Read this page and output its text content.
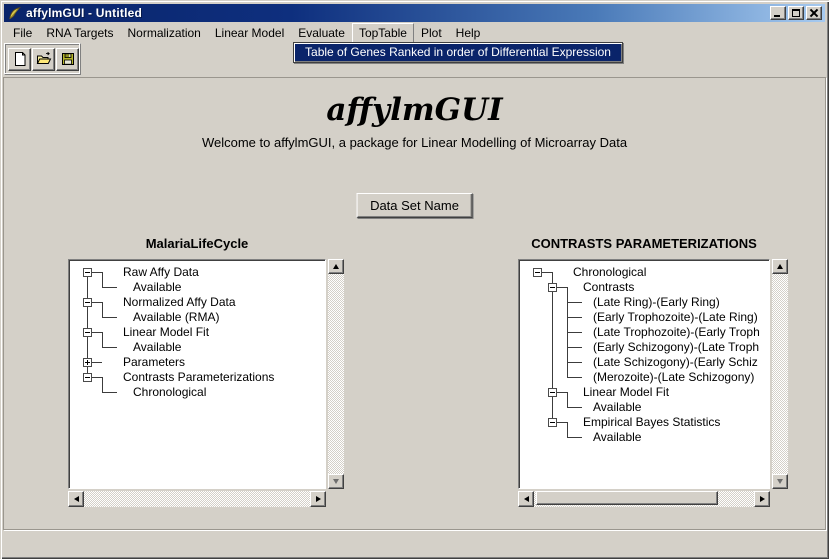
affylmGUI - Untitled
File	RNA Targets	Normalization	Linear Model	Evaluate	TopTable	Plot	Help
Table of Genes Ranked in order of Differential Expression
affylmGUI
Welcome to affylmGUI, a package for Linear Modelling of Microarray Data
Data Set Name
MalariaLifeCycle	CONTRASTS PARAMETERIZATIONS
Raw Affy Data
Available
Normalized Affy Data
Available (RMA)
Linear Model Fit
Available
Parameters
Contrasts Parameterizations
Chronological
Chronological
Contrasts
(Late Ring)-(Early Ring)
(Early Trophozoite)-(Late Ring)
(Late Trophozoite)-(Early Troph
(Early Schizogony)-(Late Troph
(Late Schizogony)-(Early Schiz
(Merozoite)-(Late Schizogony)
Linear Model Fit
Available
Empirical Bayes Statistics
Available
